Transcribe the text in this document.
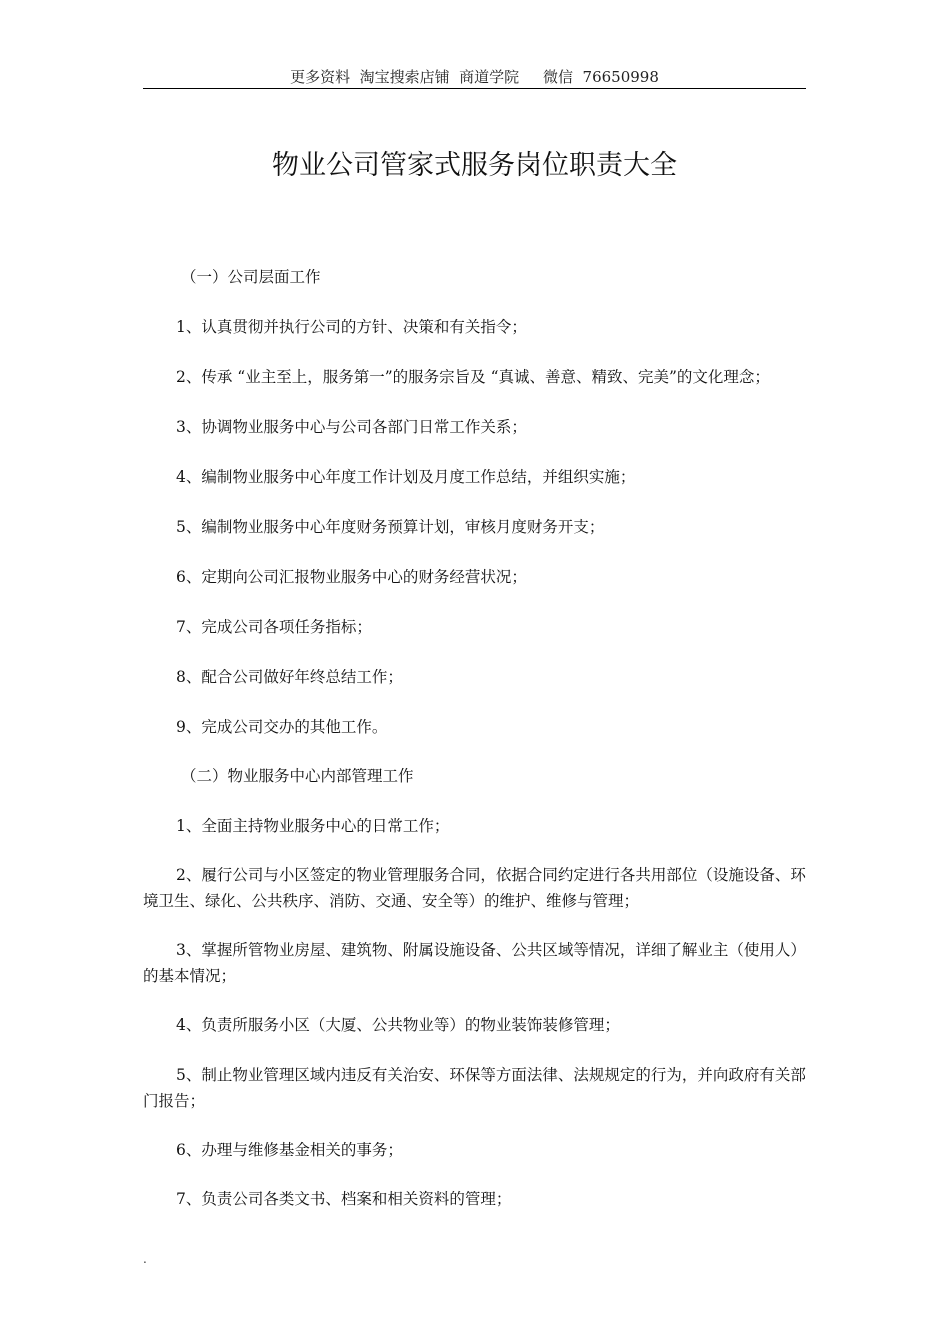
更多资料  淘宝搜索店铺  商道学院     微信  76650998
物业公司管家式服务岗位职责大全

（一）公司层面工作

1、认真贯彻并执行公司的方针、决策和有关指令；

2、传承 “业主至上，服务第一”的服务宗旨及 “真诚、善意、精致、完美”的文化理念；

3、协调物业服务中心与公司各部门日常工作关系；

4、编制物业服务中心年度工作计划及月度工作总结，并组织实施；

5、编制物业服务中心年度财务预算计划，审核月度财务开支；

6、定期向公司汇报物业服务中心的财务经营状况；

7、完成公司各项任务指标；

8、配合公司做好年终总结工作；

9、完成公司交办的其他工作。

（二）物业服务中心内部管理工作

1、全面主持物业服务中心的日常工作；

2、履行公司与小区签定的物业管理服务合同，依据合同约定进行各共用部位（设施设备、环境卫生、绿化、公共秩序、消防、交通、安全等）的维护、维修与管理；

3、掌握所管物业房屋、建筑物、附属设施设备、公共区域等情况，详细了解业主（使用人）的基本情况；

4、负责所服务小区（大厦、公共物业等）的物业装饰装修管理；

5、制止物业管理区域内违反有关治安、环保等方面法律、法规规定的行为，并向政府有关部门报告；

6、办理与维修基金相关的事务；

7、负责公司各类文书、档案和相关资料的管理；

.
